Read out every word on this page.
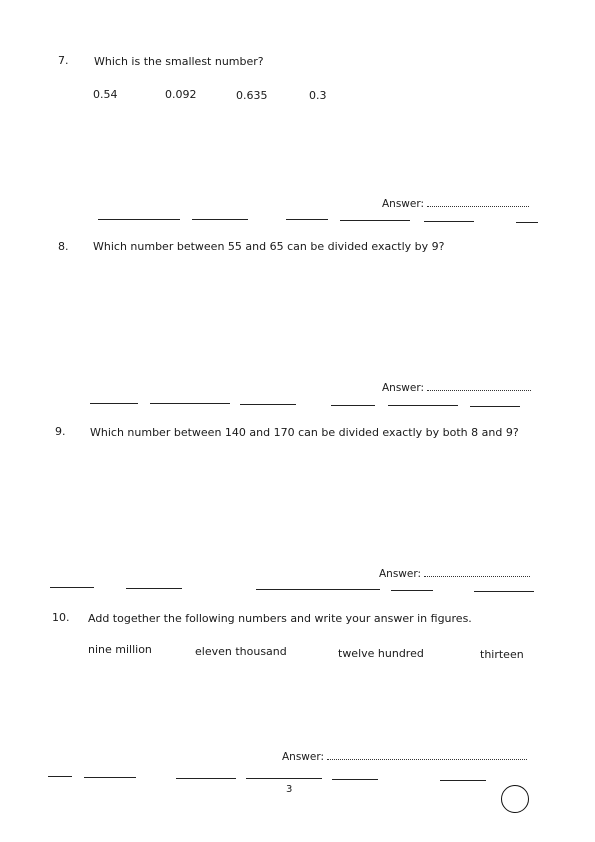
7. Which is the smallest number?
0.54	0.092	0.635	0.3
Answer:
8. Which number between 55 and 65 can be divided exactly by 9?
Answer:
9. Which number between 140 and 170 can be divided exactly by both 8 and 9?
Answer:
10. Add together the following numbers and write your answer in figures.
nine million	eleven thousand	twelve hundred	thirteen
Answer:
3
